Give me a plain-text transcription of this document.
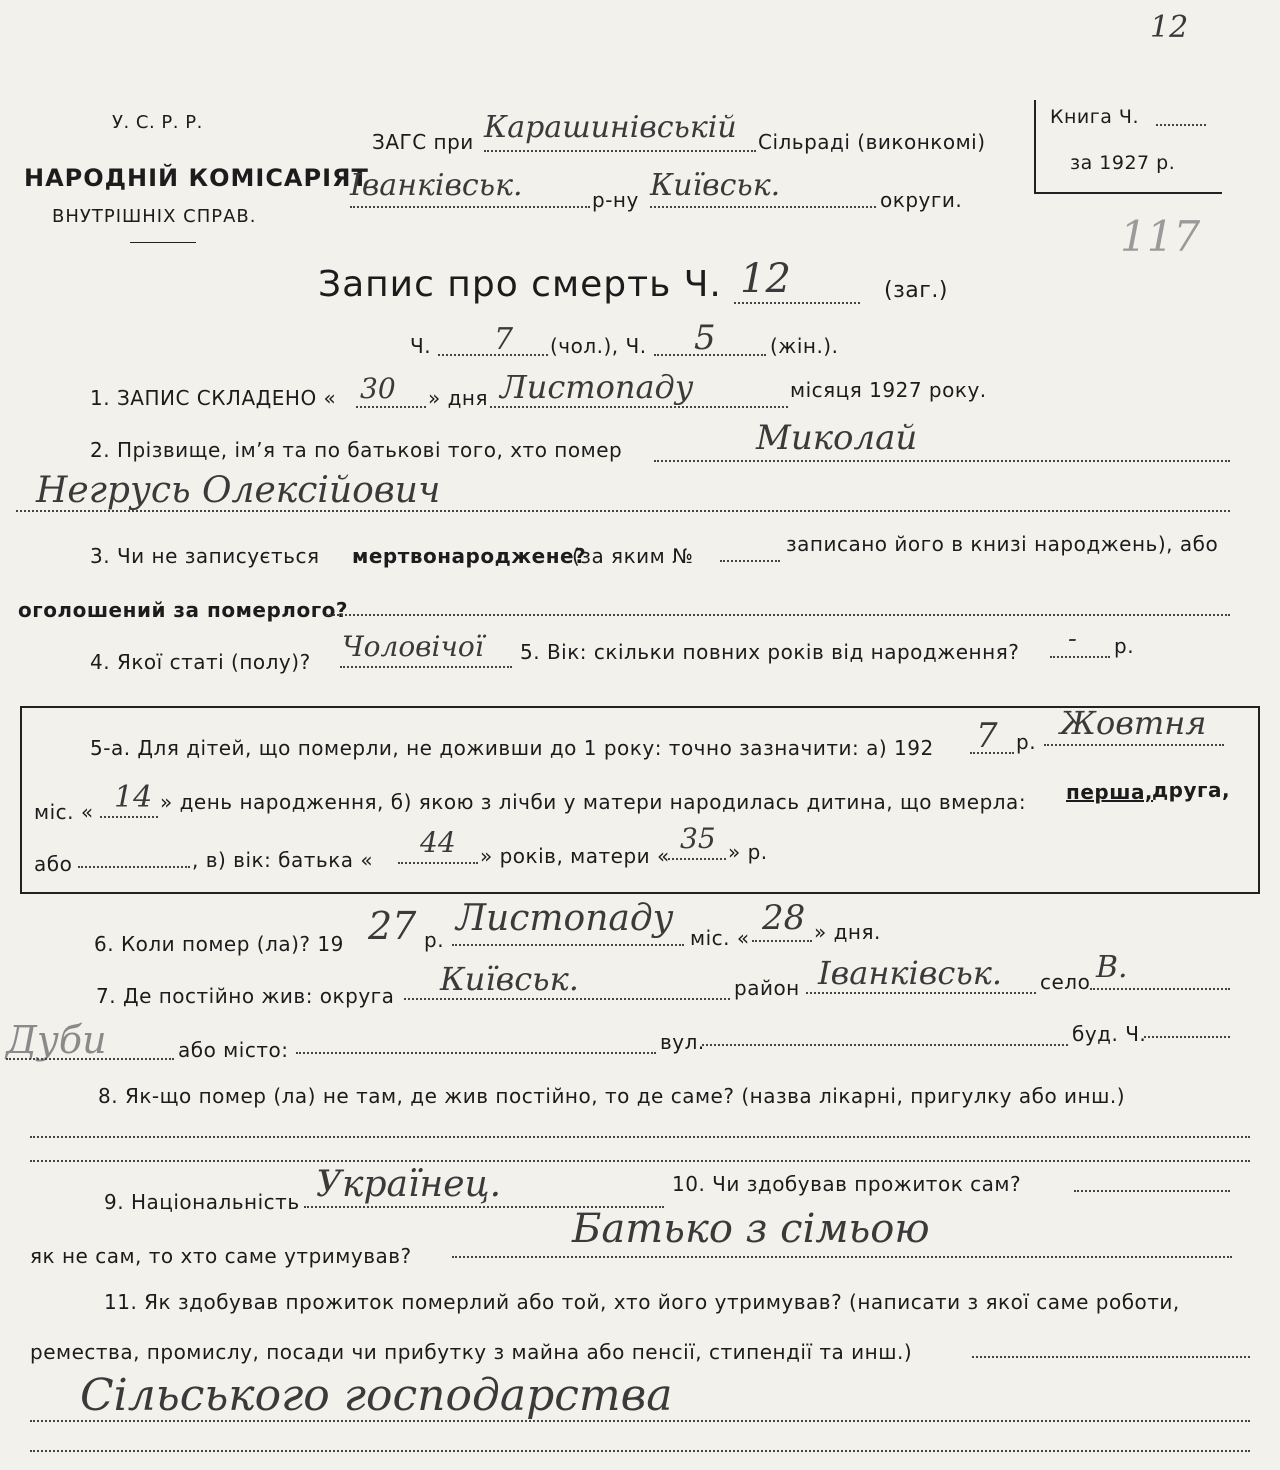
12
У. С. Р. Р.
НАРОДНІЙ КОМІСАРІЯТ
ВНУТРІШНІХ СПРАВ.
ЗАГС при Карашинівській Сільраді (виконкомі)
Іванківськ.	р-ну Київськ.	округи.
Книга Ч.
за 1927 р.
117
Запис про смерть Ч. 12	(заг.)
Ч. 7 (чол.), Ч. 5	(жін.).
1. ЗАПИС СКЛАДЕНО « 30 » дня Листопаду	місяця 1927 року.
2. Прізвище, ім’я та по батькові того, хто помер	Миколай
Негрусь Олексійович
3. Чи не записується мертвонароджене?
(за яким №	записано його в книзі народжень), або
оголошений за померлого?
4. Якої статі (полу)? Чоловічої 5. Вік: скільки повних років від народження? - р.
5-а. Для дітей, що померли, не доживши до 1 року: точно зазначити: а) 192 7 р. Жовтня
міс. « 14 » день народження, б) якою з лічби у матери народилась дитина, що вмерла: перша,
друга,
або	, в) вік: батька «
44 » років, матери «
35 » р.
6. Коли помер (ла)? 19 27 р.
Листопаду міс. « 28 » дня.
7. Де постійно жив: округа Київськ.	район Іванківськ. село В.
Дуби	або місто:	вул.	буд. Ч.
8. Як-що помер (ла) не там, де жив постійно, то де саме? (назва лікарні, пригулку або инш.)
9. Національність Українец.	10. Чи здобував прожиток сам?
як не сам, то хто саме утримував?
Батько з сімьою
11. Як здобував прожиток померлий або той, хто його утримував? (написати з якої саме роботи,
ремества, промислу, посади чи прибутку з майна або пенсії, стипендії та инш.)
Сільського господарства
